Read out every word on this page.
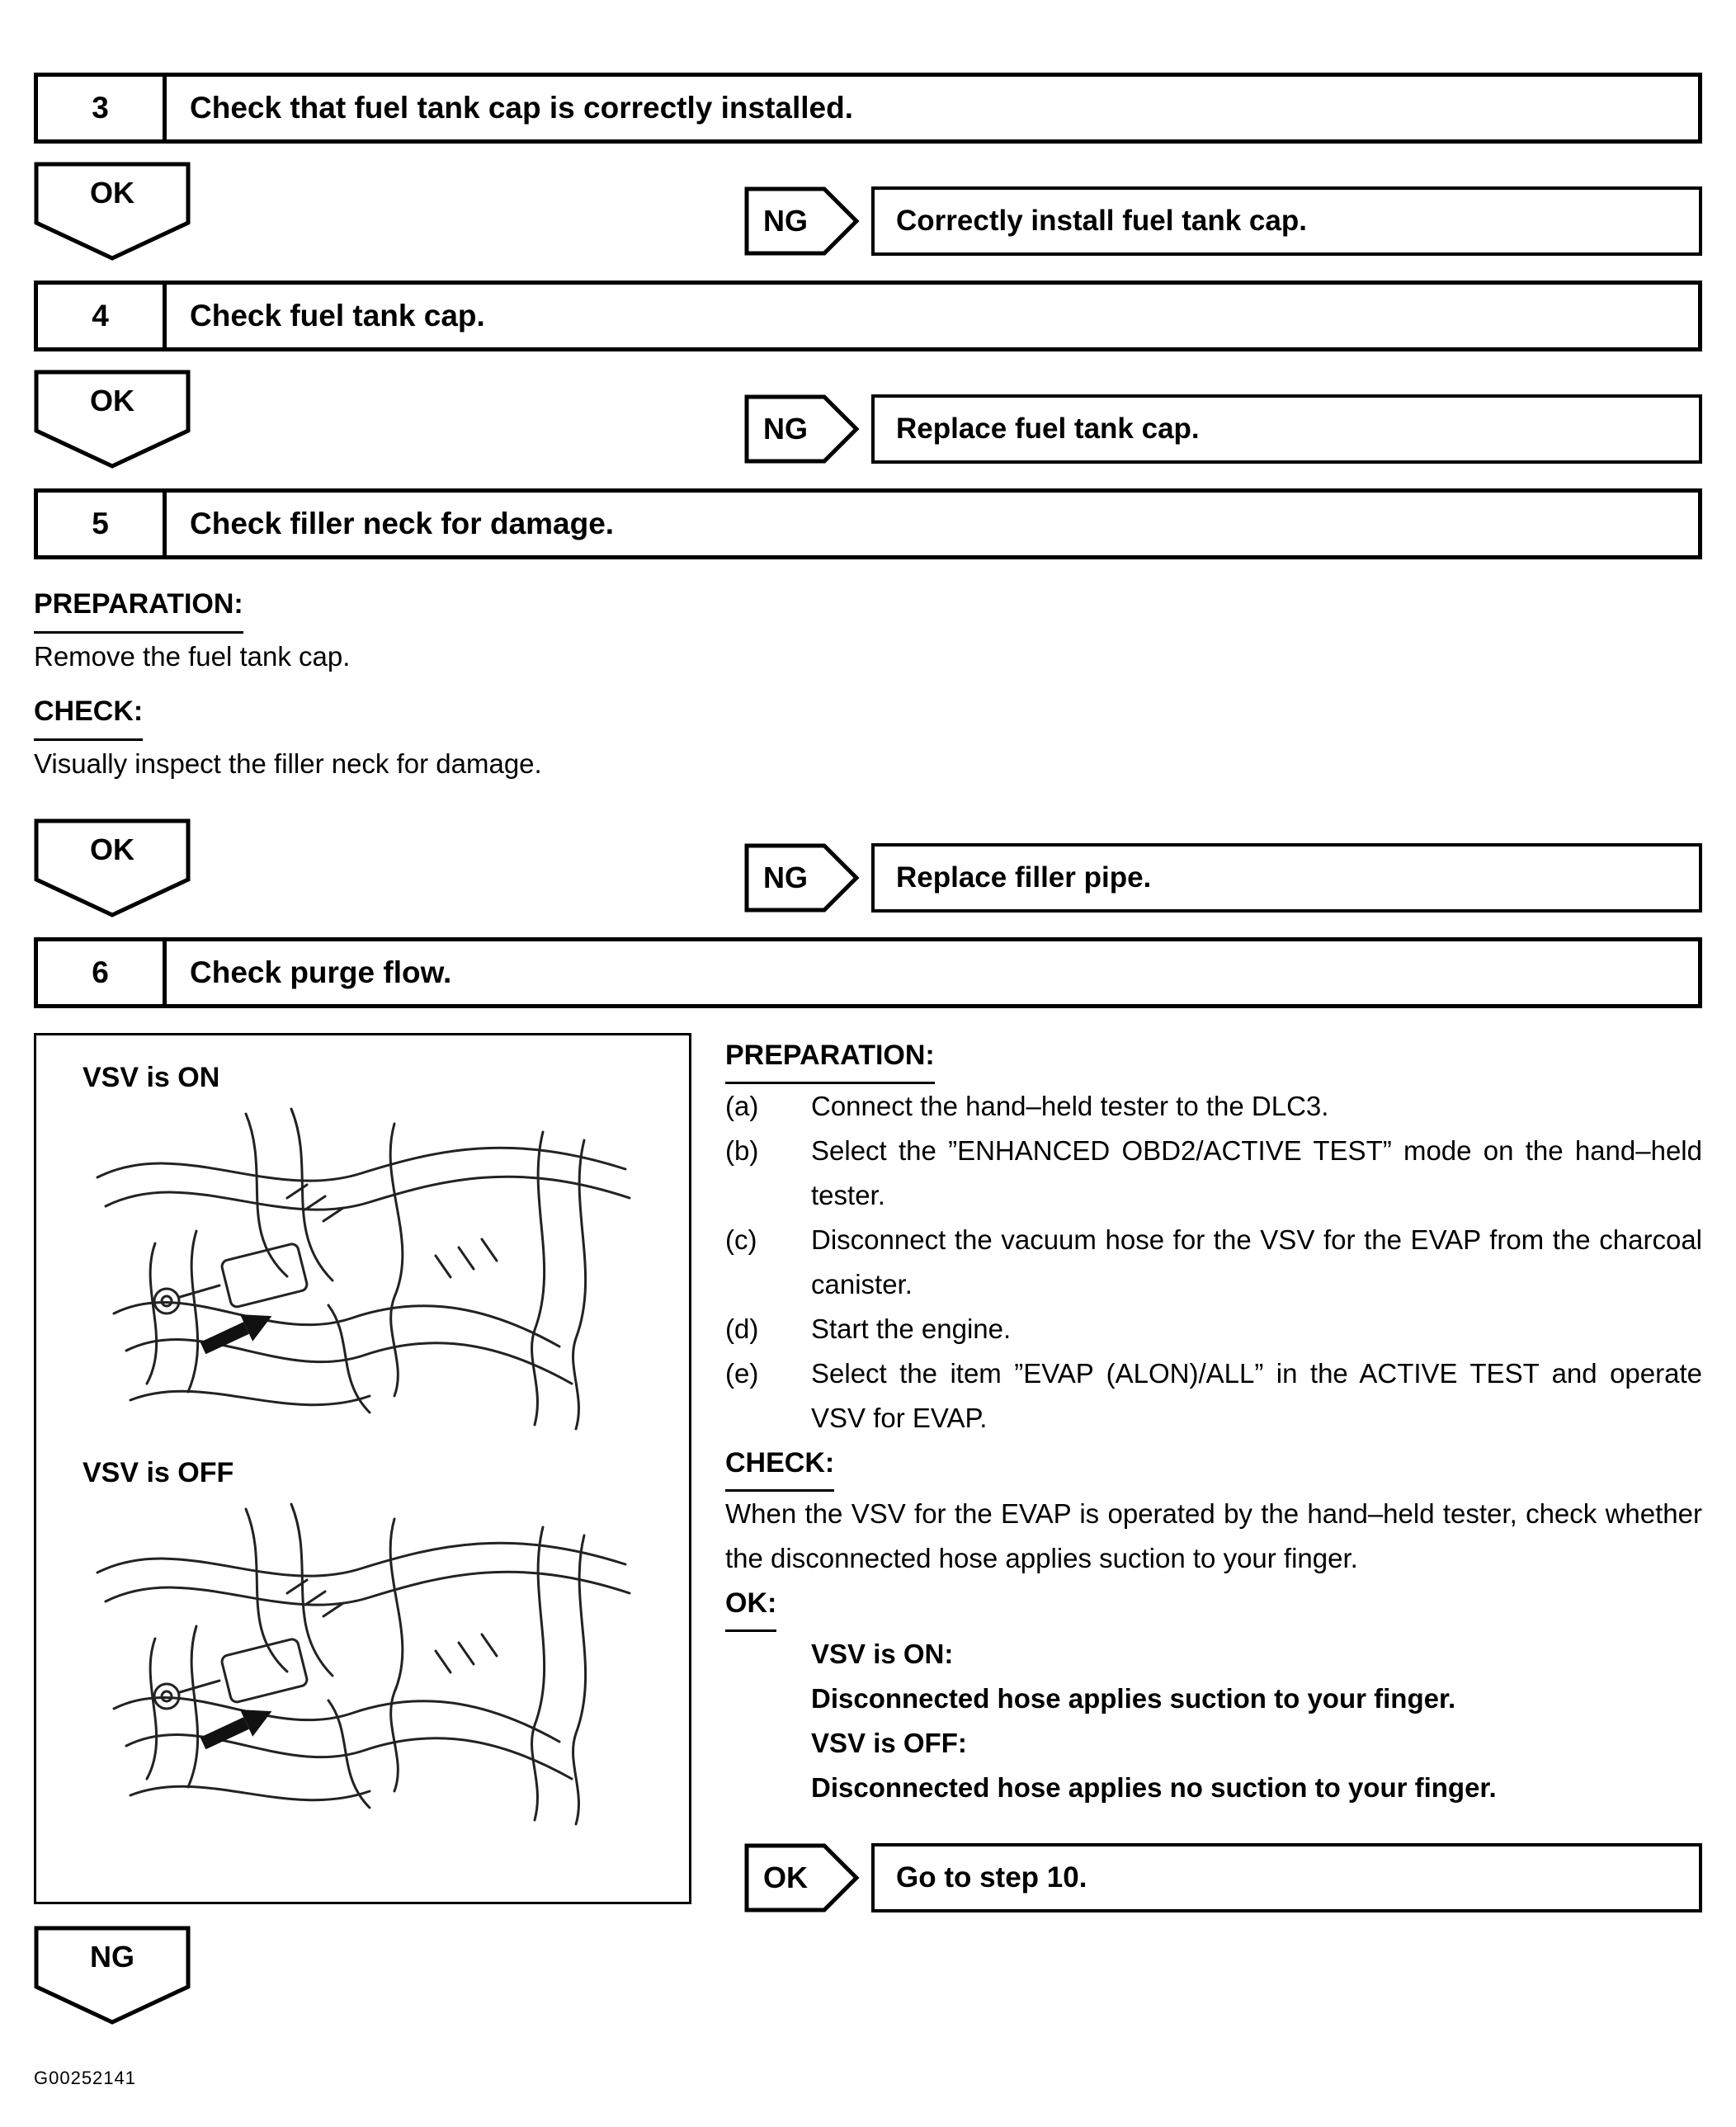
3	Check that fuel tank cap is correctly installed.
OK
NG	Correctly install fuel tank cap.
4	Check fuel tank cap.
OK
NG	Replace fuel tank cap.
5	Check filler neck for damage.
PREPARATION:
Remove the fuel tank cap.
CHECK:
Visually inspect the filler neck for damage.
OK
NG	Replace filler pipe.
6	Check purge flow.
VSV is ON
VSV is OFF
PREPARATION:
(a)	Connect the hand–held tester to the DLC3.
(b)	Select the ”ENHANCED OBD2/ACTIVE TEST” mode on the hand–held tester.
(c)	Disconnect the vacuum hose for the VSV for the EVAP from the charcoal canister.
(d)	Start the engine.
(e)	Select the item ”EVAP (ALON)/ALL” in the ACTIVE TEST and operate VSV for EVAP.
CHECK:
When the VSV for the EVAP is operated by the hand–held tester, check whether the disconnected hose applies suction to your finger.
OK:
VSV is ON:
Disconnected hose applies suction to your finger.
VSV is OFF:
Disconnected hose applies no suction to your finger.
OK	Go to step 10.
NG
G00252141
